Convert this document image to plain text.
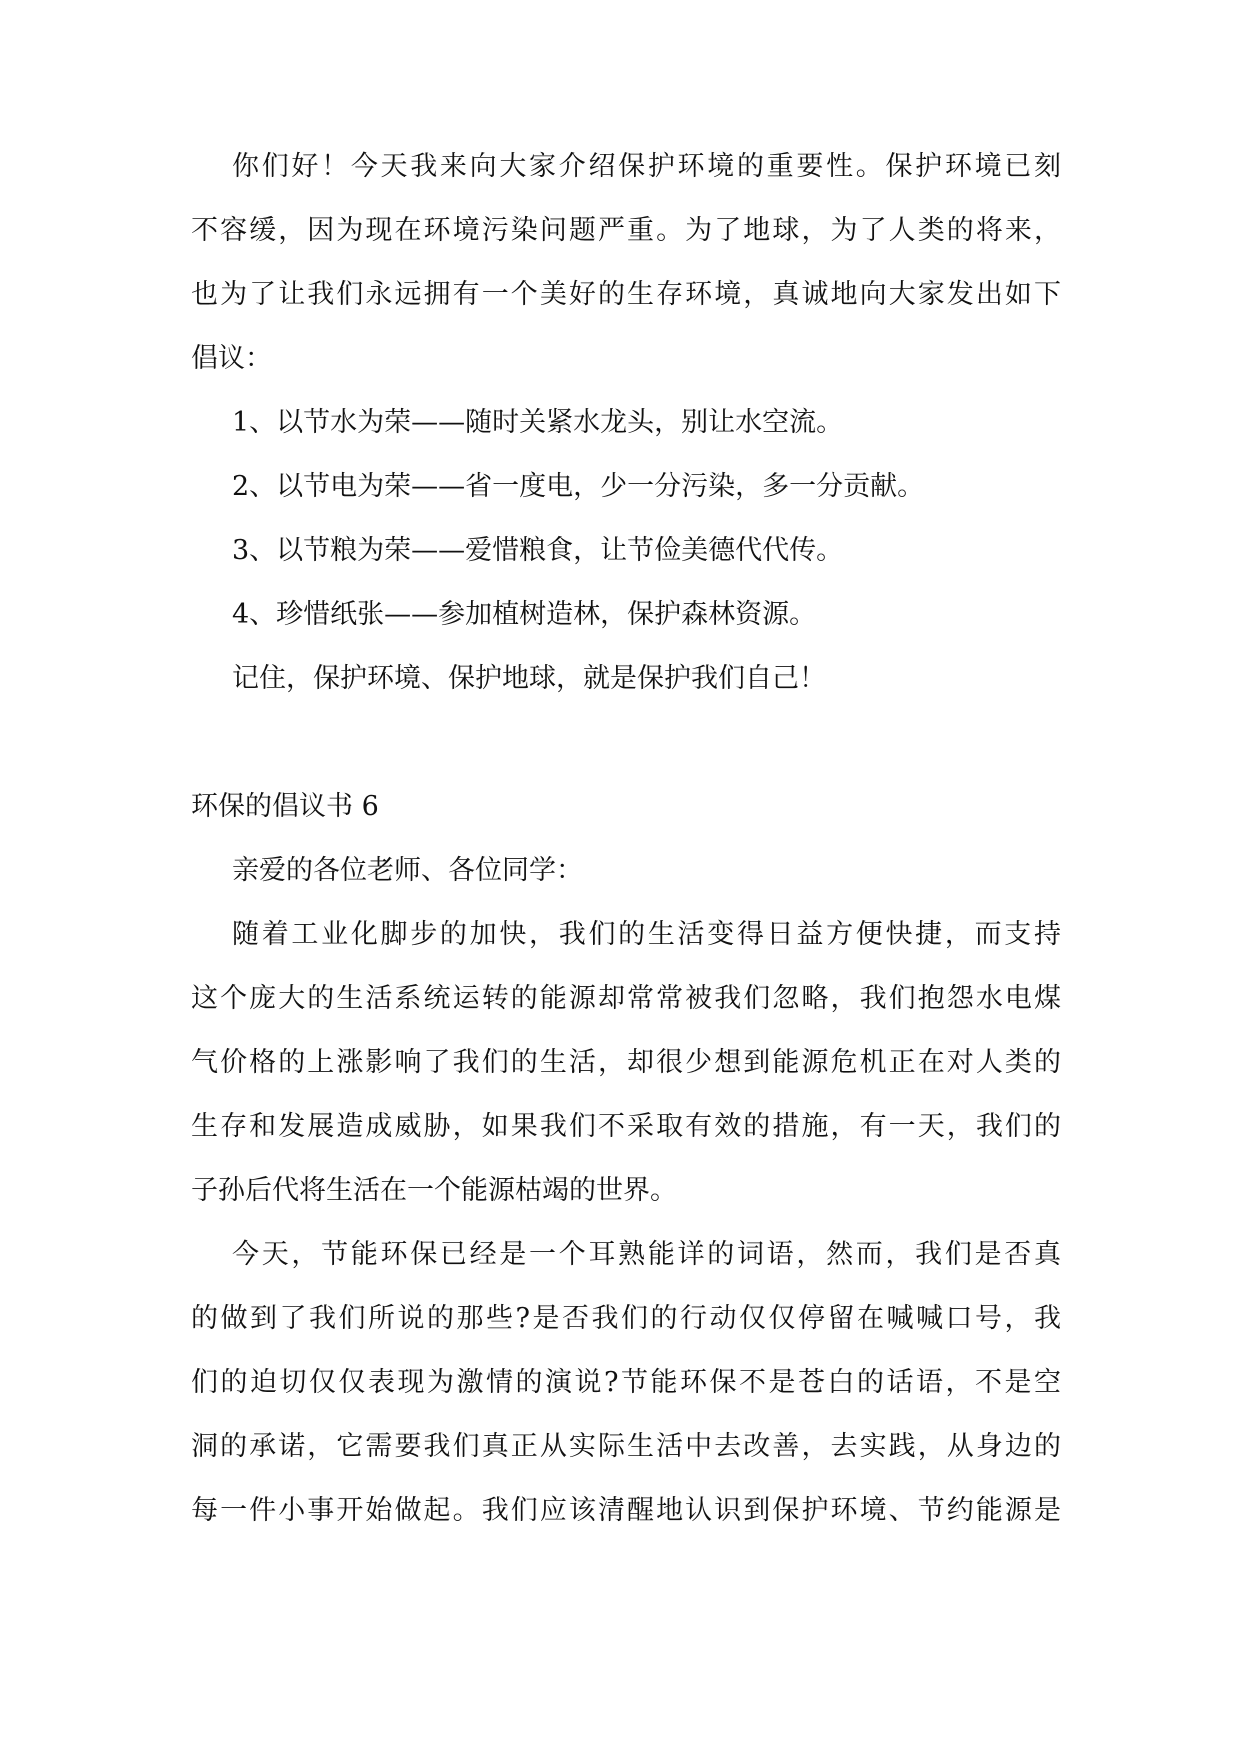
你们好！今天我来向大家介绍保护环境的重要性。保护环境已刻

不容缓，因为现在环境污染问题严重。为了地球，为了人类的将来，

也为了让我们永远拥有一个美好的生存环境，真诚地向大家发出如下

倡议：

1、以节水为荣——随时关紧水龙头，别让水空流。

2、以节电为荣——省一度电，少一分污染，多一分贡献。

3、以节粮为荣——爱惜粮食，让节俭美德代代传。

4、珍惜纸张——参加植树造林，保护森林资源。

记住，保护环境、保护地球，就是保护我们自己！

环保的倡议书 6

亲爱的各位老师、各位同学：

随着工业化脚步的加快，我们的生活变得日益方便快捷，而支持

这个庞大的生活系统运转的能源却常常被我们忽略，我们抱怨水电煤

气价格的上涨影响了我们的生活，却很少想到能源危机正在对人类的

生存和发展造成威胁，如果我们不采取有效的措施，有一天，我们的

子孙后代将生活在一个能源枯竭的世界。

今天，节能环保已经是一个耳熟能详的词语，然而，我们是否真

的做到了我们所说的那些?是否我们的行动仅仅停留在喊喊口号，我

们的迫切仅仅表现为激情的演说?节能环保不是苍白的话语，不是空

洞的承诺，它需要我们真正从实际生活中去改善，去实践，从身边的

每一件小事开始做起。我们应该清醒地认识到保护环境、节约能源是
